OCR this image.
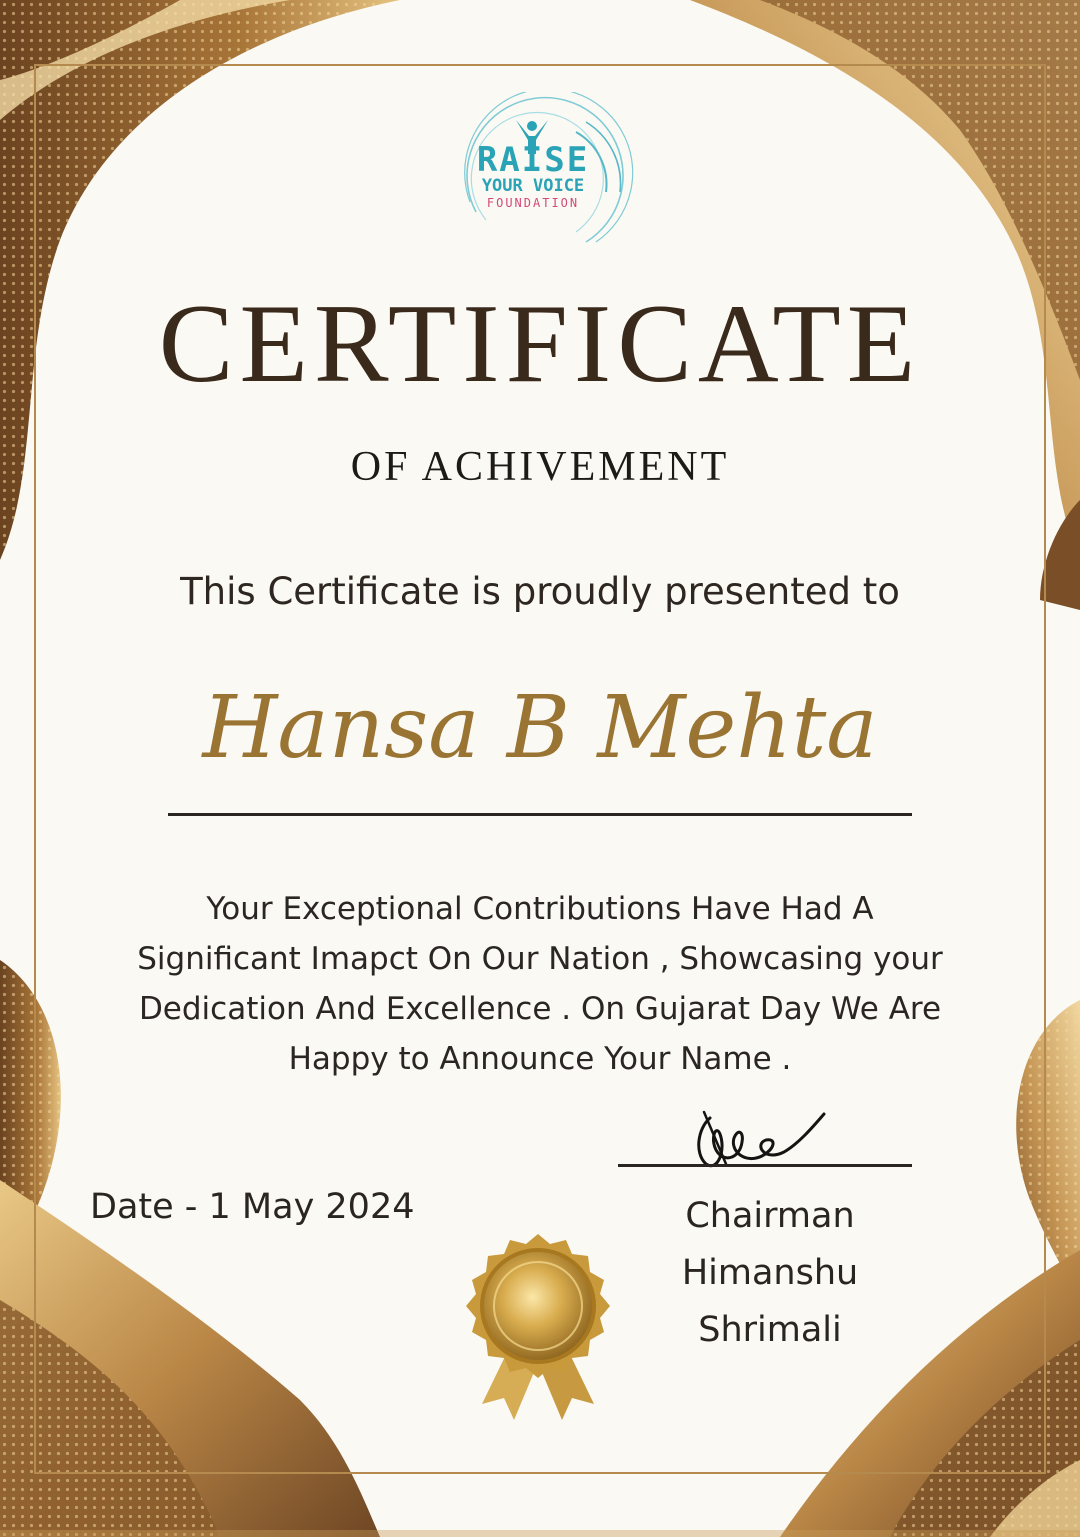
RAISE
YOUR VOICE
FOUNDATION
CERTIFICATE
OF ACHIVEMENT
This Certificate is proudly presented to
Hansa B Mehta
Your Exceptional Contributions Have Had A
Significant Imapct On Our Nation , Showcasing your
Dedication And Excellence . On Gujarat Day We Are
Happy to Announce Your Name .
Date - 1 May 2024	Chairman
Himanshu
Shrimali
